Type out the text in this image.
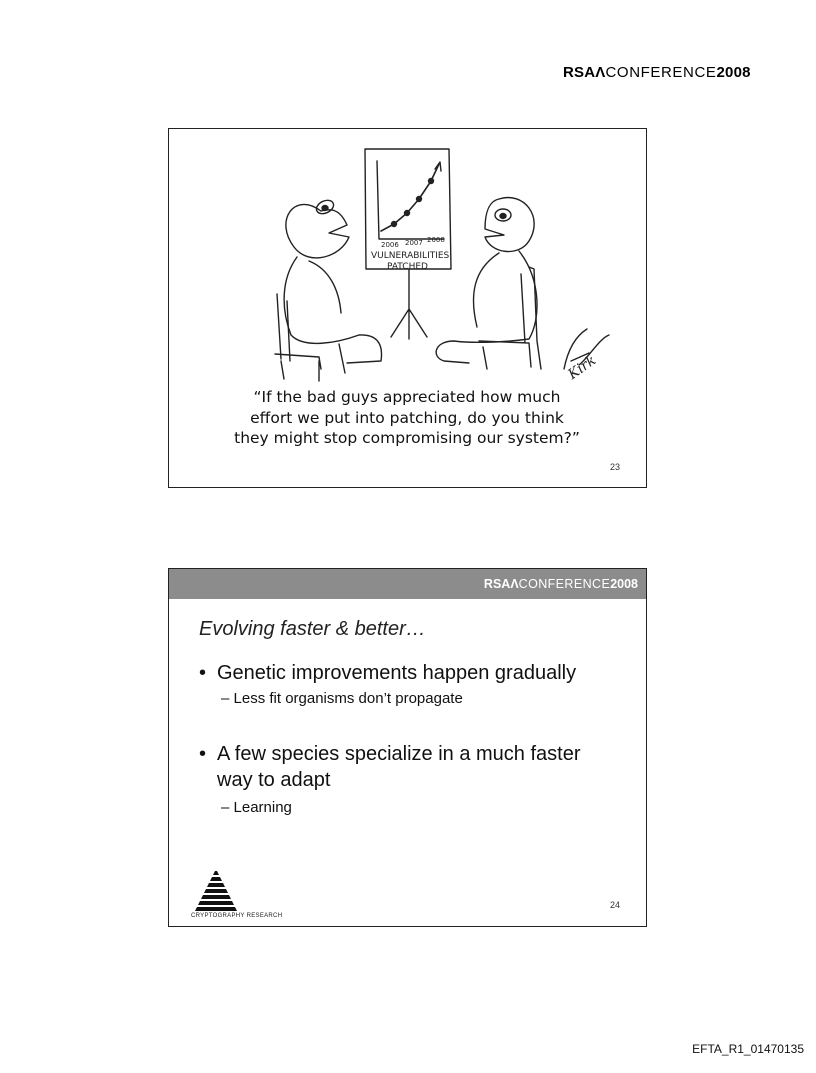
RSAΛCONFERENCE2008
2006 2007 2008
VULNERABILITIES
PATCHED
Kirk
“If the bad guys appreciated how much
effort we put into patching, do you think
they might stop compromising our system?”
23
RSAΛCONFERENCE2008
Evolving faster & better…
• Genetic improvements happen gradually
– Less fit organisms don’t propagate
• A few species specialize in a much faster way to adapt
– Learning
CRYPTOGRAPHY RESEARCH
24
EFTA_R1_01470135
